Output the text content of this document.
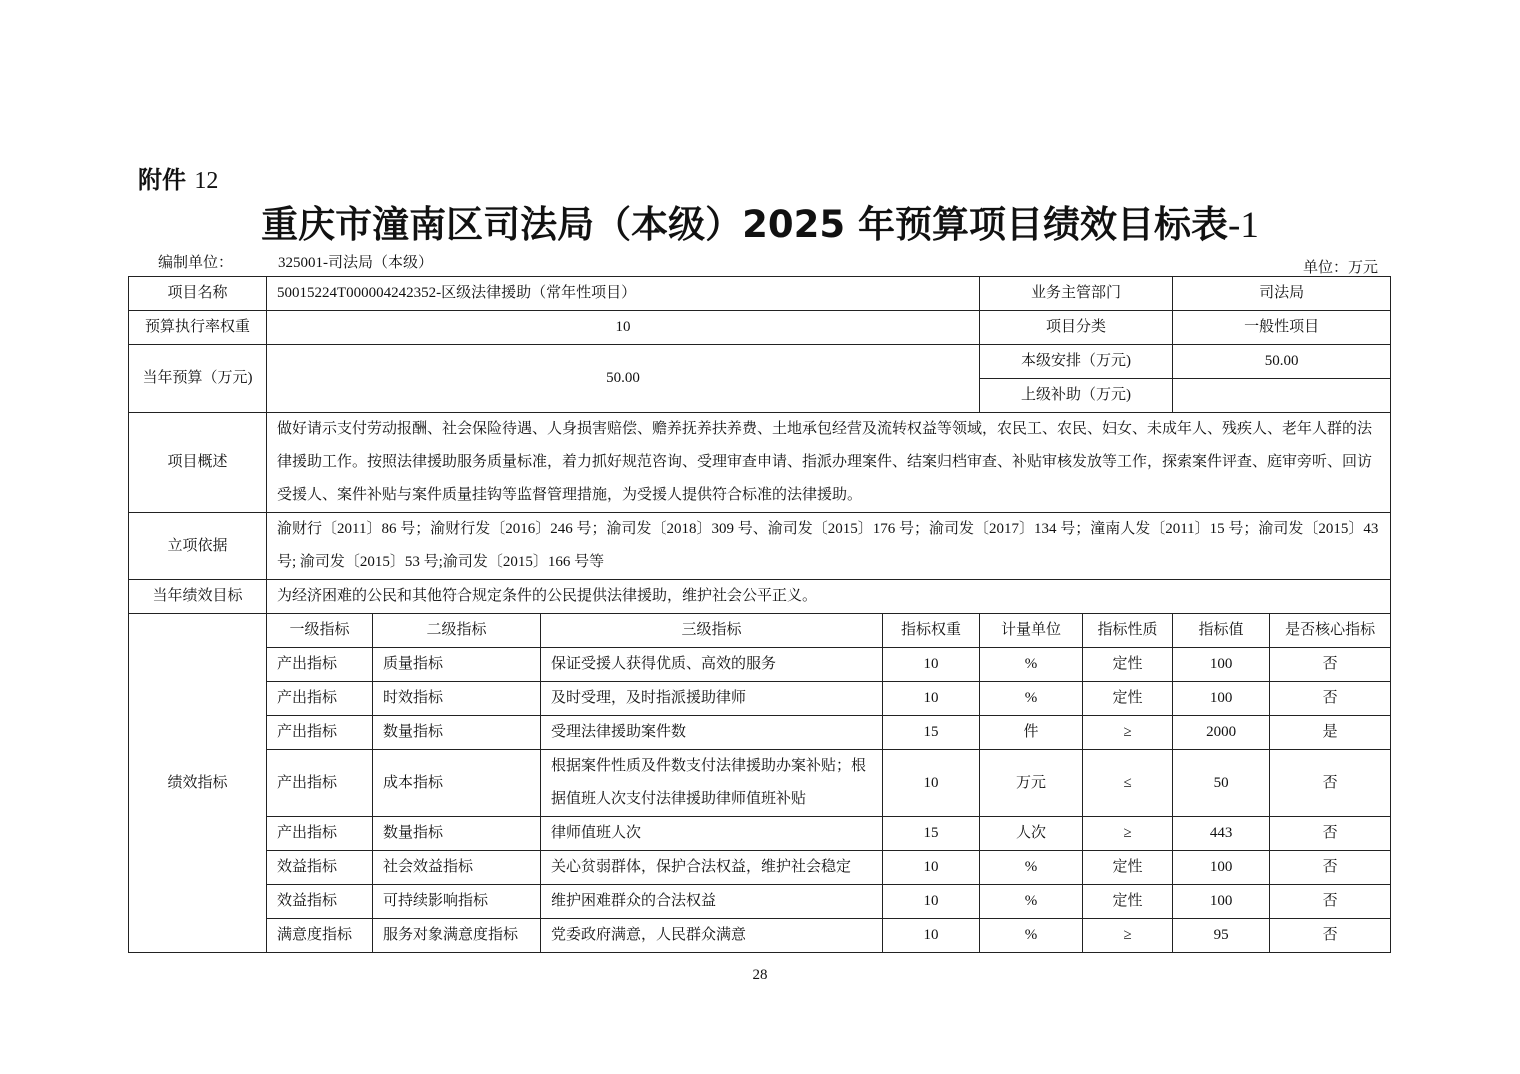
附件 12
重庆市潼南区司法局（本级）2025 年预算项目绩效目标表-1
编制单位：	325001-司法局（本级）	单位：万元
项目名称	50015224T000004242352-区级法律援助（常年性项目）				业务主管部门		司法局	
预算执行率权重	10				项目分类		一般性项目	
当年预算（万元)	50.00				本级安排（万元)		50.00	
					上级补助（万元)			
项目概述	做好请示支付劳动报酬、社会保险待遇、人身损害赔偿、赡养抚养扶养费、土地承包经营及流转权益等领域，农民工、农民、妇女、未成年人、残疾人、老年人群的法律援助工作。按照法律援助服务质量标准，着力抓好规范咨询、受理审查申请、指派办理案件、结案归档审查、补贴审核发放等工作，探索案件评查、庭审旁听、回访受援人、案件补贴与案件质量挂钩等监督管理措施，为受援人提供符合标准的法律援助。							
立项依据	渝财行〔2011〕86 号；渝财行发〔2016〕246 号；渝司发〔2018〕309 号、渝司发〔2015〕176 号；渝司发〔2017〕134 号；潼南人发〔2011〕15 号；渝司发〔2015〕43 号; 渝司发〔2015〕53 号;渝司发〔2015〕166 号等							
当年绩效目标	为经济困难的公民和其他符合规定条件的公民提供法律援助，维护社会公平正义。							
绩效指标	一级指标	二级指标	三级指标	指标权重	计量单位	指标性质	指标值	是否核心指标
	产出指标	质量指标	保证受援人获得优质、高效的服务	10	%	定性	100	否
	产出指标	时效指标	及时受理，及时指派援助律师	10	%	定性	100	否
	产出指标	数量指标	受理法律援助案件数	15	件	≥	2000	是
	产出指标	成本指标	根据案件性质及件数支付法律援助办案补贴；根据值班人次支付法律援助律师值班补贴	10	万元	≤	50	否
	产出指标	数量指标	律师值班人次	15	人次	≥	443	否
	效益指标	社会效益指标	关心贫弱群体，保护合法权益，维护社会稳定	10	%	定性	100	否
	效益指标	可持续影响指标	维护困难群众的合法权益	10	%	定性	100	否
	满意度指标	服务对象满意度指标	党委政府满意，人民群众满意	10	%	≥	95	否
28
